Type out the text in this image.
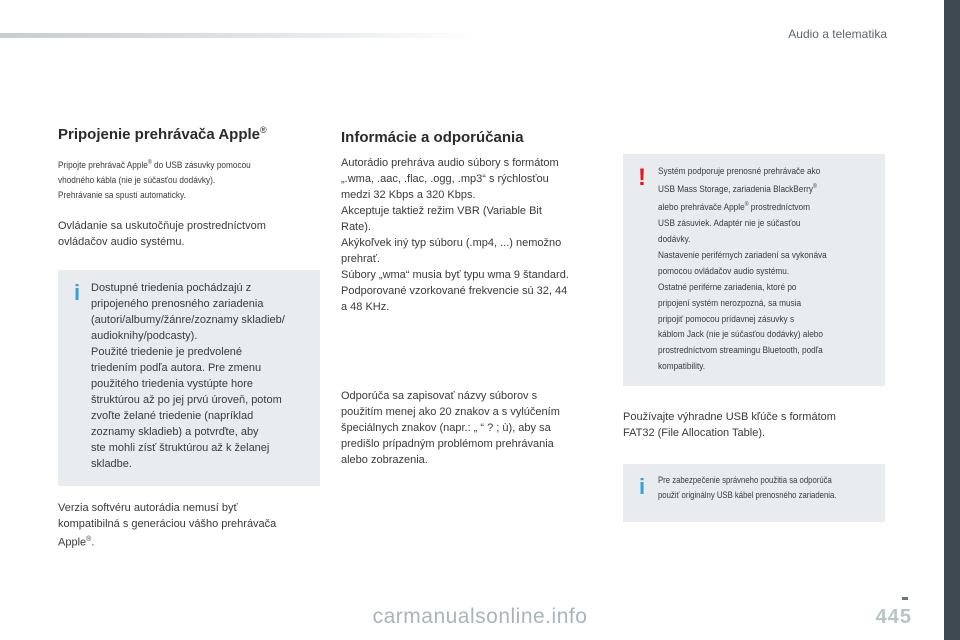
Audio a telematika
Pripojenie prehrávača Apple®
Pripojte prehrávač Apple® do USB zásuvky pomocou
vhodného kábla (nie je súčasťou dodávky).
Prehrávanie sa spustí automaticky.
Ovládanie sa uskutočňuje prostredníctvom
ovládačov audio systému.
i Dostupné triedenia pochádzajú z
pripojeného prenosného zariadenia
(autori/albumy/žánre/zoznamy skladieb/
audioknihy/podcasty).
Použité triedenie je predvolené
triedením podľa autora. Pre zmenu
použitého triedenia vystúpte hore
štruktúrou až po jej prvú úroveň, potom
zvoľte želané triedenie (napríklad
zoznamy skladieb) a potvrďte, aby
ste mohli zísť štruktúrou až k želanej
skladbe.
Verzia softvéru autorádia nemusí byť
kompatibilná s generáciou vášho prehrávača
Apple®.
Informácie a odporúčania
Autorádio prehráva audio súbory s formátom
„.wma, .aac, .flac, .ogg, .mp3“ s rýchlosťou
medzi 32 Kbps a 320 Kbps.
Akceptuje taktiež režim VBR (Variable Bit
Rate).
Akýkoľvek iný typ súboru (.mp4, ...) nemožno
prehrať.
Súbory „wma“ musia byť typu wma 9 štandard.
Podporované vzorkované frekvencie sú 32, 44
a 48 KHz.
Odporúča sa zapisovať názvy súborov s
použitím menej ako 20 znakov a s vylúčením
špeciálnych znakov (napr.: „ “ ? ; ù), aby sa
predišlo prípadným problémom prehrávania
alebo zobrazenia.
! Systém podporuje prenosné prehrávače ako
USB Mass Storage, zariadenia BlackBerry®
alebo prehrávače Apple® prostredníctvom
USB zásuviek. Adaptér nie je súčasťou
dodávky.
Nastavenie periférnych zariadení sa vykonáva
pomocou ovládačov audio systému.
Ostatné periférne zariadenia, ktoré po
pripojení systém nerozpozná, sa musia
pripojiť pomocou prídavnej zásuvky s
káblom Jack (nie je súčasťou dodávky) alebo
prostredníctvom streamingu Bluetooth, podľa
kompatibility.
Používajte výhradne USB kľúče s formátom
FAT32 (File Allocation Table).
i Pre zabezpečenie správneho použitia sa odporúča
použiť originálny USB kábel prenosného zariadenia.
445
carmanualsonline.info
